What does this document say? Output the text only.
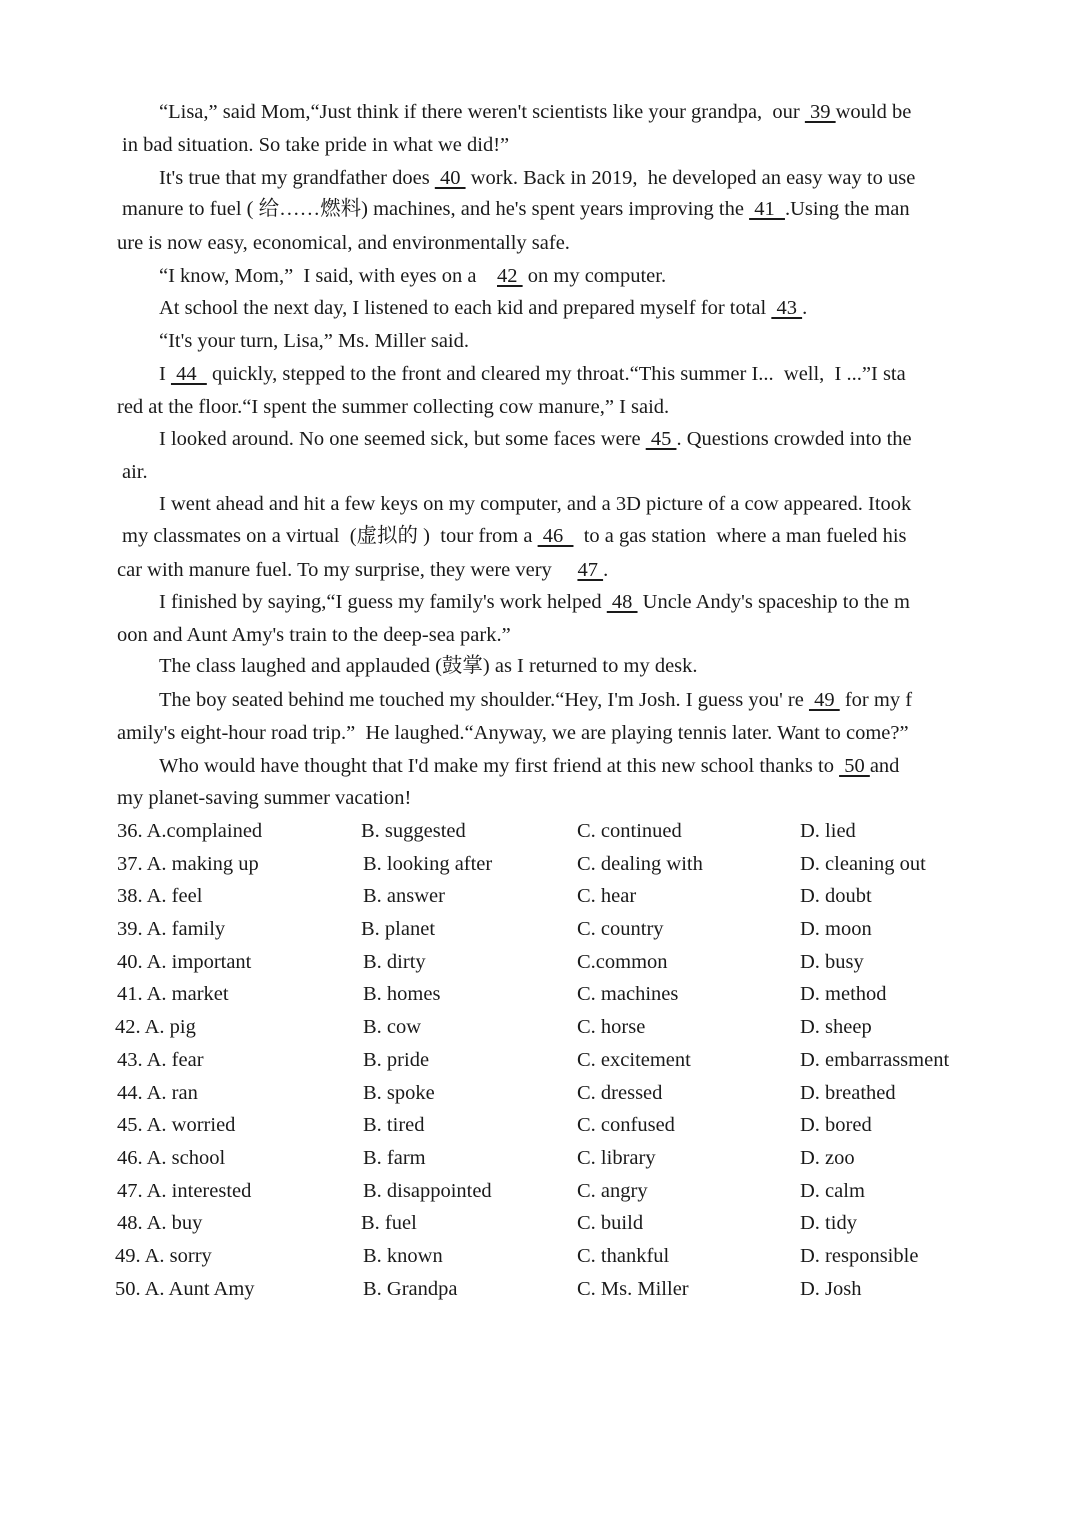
“Lisa,” said Mom,“Just think if there weren't scientists like your grandpa,  our  39 would be
in bad situation. So take pride in what we did!”
It's true that my grandfather does  40  work. Back in 2019,  he developed an easy way to use
manure to fuel ( 给……燃料) machines, and he's spent years improving the  41  .Using the man
ure is now easy, economical, and environmentally safe.
“I know, Mom,”  I said, with eyes on a    42  on my computer.
At school the next day, I listened to each kid and prepared myself for total  43 .
“It's your turn, Lisa,” Ms. Miller said.
I  44   quickly, stepped to the front and cleared my throat.“This summer I...  well,  I ...”I sta
red at the floor.“I spent the summer collecting cow manure,” I said.
I looked around. No one seemed sick, but some faces were  45 . Questions crowded into the
air.
I went ahead and hit a few keys on my computer, and a 3D picture of a cow appeared. Itook
my classmates on a virtual  (虚拟的 )  tour from a  46    to a gas station  where a man fueled his
car with manure fuel. To my surprise, they were very     47 .
I finished by saying,“I guess my family's work helped  48  Uncle Andy's spaceship to the m
oon and Aunt Amy's train to the deep-sea park.”
The class laughed and applauded (鼓掌) as I returned to my desk.
The boy seated behind me touched my shoulder.“Hey, I'm Josh. I guess you' re  49  for my f
amily's eight-hour road trip.”  He laughed.“Anyway, we are playing tennis later. Want to come?”
Who would have thought that I'd make my first friend at this new school thanks to  50 and
my planet-saving summer vacation!
36. A.complained	B. suggested	C. continued	D. lied
37. A. making up	B. looking after	C. dealing with	D. cleaning out
38. A. feel	B. answer	C. hear	D. doubt
39. A. family	B. planet	C. country	D. moon
40. A. important	B. dirty	C.common	D. busy
41. A. market	B. homes	C. machines	D. method
42. A. pig	B. cow	C. horse	D. sheep
43. A. fear	B. pride	C. excitement	D. embarrassment
44. A. ran	B. spoke	C. dressed	D. breathed
45. A. worried	B. tired	C. confused	D. bored
46. A. school	B. farm	C. library	D. zoo
47. A. interested	B. disappointed	C. angry	D. calm
48. A. buy	B. fuel	C. build	D. tidy
49. A. sorry	B. known	C. thankful	D. responsible
50. A. Aunt Amy	B. Grandpa	C. Ms. Miller	D. Josh
